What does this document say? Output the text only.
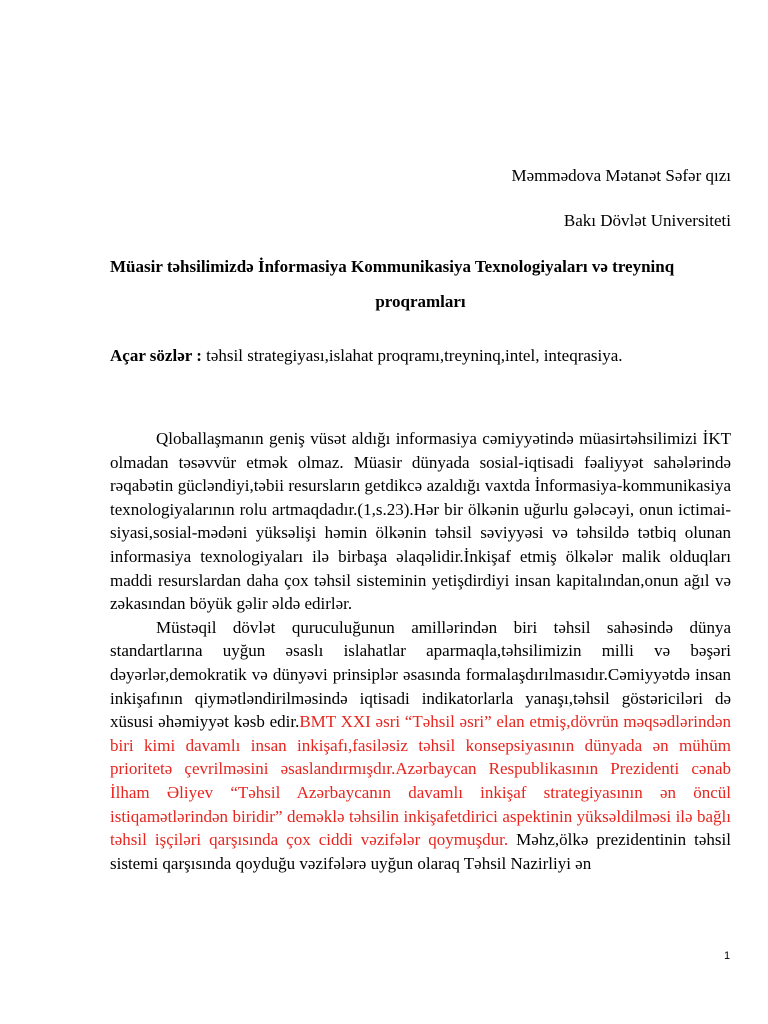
Məmmədova Mətanət Səfər qızı
Bakı Dövlət Universiteti
Müasir təhsilimizdə İnformasiya Kommunikasiya Texnologiyaları və treyninq
proqramları
Açar sözlər : təhsil strategiyası,islahat proqramı,treyninq,intel, inteqrasiya.

Qloballaşmanın geniş vüsət aldığı informasiya cəmiyyətində müasirtəhsilimizi İKT olmadan təsəvvür etmək olmaz. Müasir dünyada sosial-iqtisadi fəaliyyət sahələrində rəqabətin gücləndiyi,təbii resursların getdikcə azaldığı vaxtda İnformasiya-kommunikasiya texnologiyalarının rolu artmaqdadır.(1,s.23).Hər bir ölkənin uğurlu gələcəyi, onun ictimai-siyasi,sosial-mədəni yüksəlişi həmin ölkənin təhsil səviyyəsi və təhsildə tətbiq olunan informasiya texnologiyaları ilə birbaşa əlaqəlidir.İnkişaf etmiş ölkələr malik olduqları maddi resurslardan daha çox təhsil sisteminin yetişdirdiyi insan kapitalından,onun ağıl və zəkasından böyük gəlir əldə edirlər.

Müstəqil dövlət quruculuğunun amillərindən biri təhsil sahəsində dünya standartlarına uyğun əsaslı islahatlar aparmaqla,təhsilimizin milli və bəşəri dəyərlər,demokratik və dünyəvi prinsiplər əsasında formalaşdırılmasıdır.Cəmiyyətdə insan inkişafının qiymətləndirilməsində iqtisadi indikatorlarla yanaşı,təhsil göstəriciləri də xüsusi əhəmiyyət kəsb edir.BMT XXI əsri “Təhsil əsri” elan etmiş,dövrün məqsədlərindən biri kimi davamlı insan inkişafı,fasiləsiz təhsil konsepsiyasının dünyada ən mühüm prioritetə çevrilməsini əsaslandırmışdır.Azərbaycan Respublikasının Prezidenti cənab İlham Əliyev “Təhsil Azərbaycanın davamlı inkişaf strategiyasının ən öncül istiqamətlərindən biridir” deməklə təhsilin inkişafetdirici aspektinin yüksəldilməsi ilə bağlı təhsil işçiləri qarşısında çox ciddi vəzifələr qoymuşdur. Məhz,ölkə prezidentinin təhsil sistemi qarşısında qoyduğu vəzifələrə uyğun olaraq Təhsil Nazirliyi ən

1
